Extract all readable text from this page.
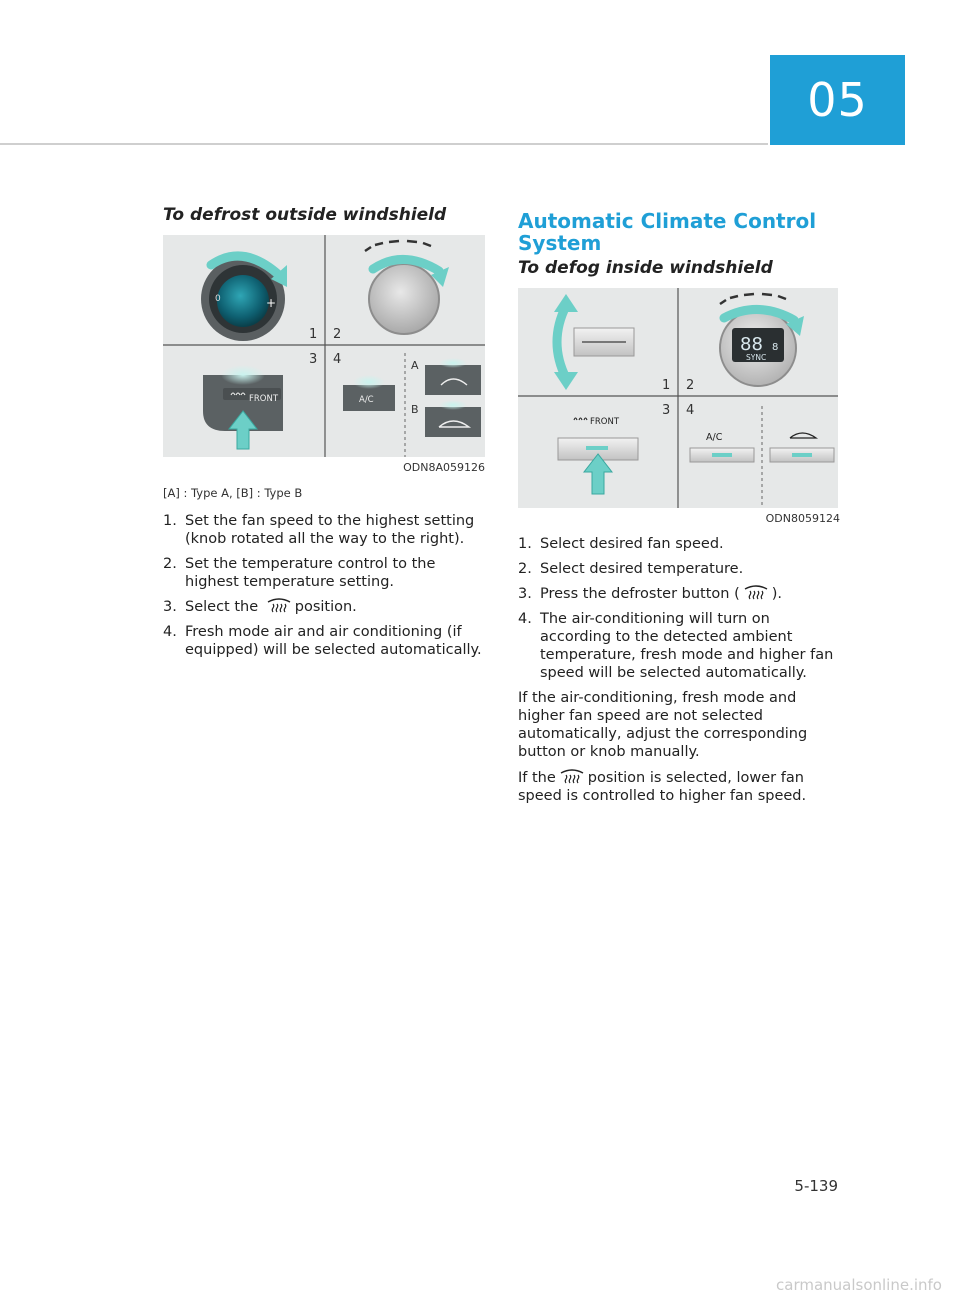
05
To defrost outside windshield
0	+
1 2
3 4
FRONT	A/C
A
B
ODN8A059126
[A] : Type A, [B] : Type B
1. Set the fan speed to the highest setting (knob rotated all the way to the right).
2. Set the temperature control to the highest temperature setting.
3. Select the	position.
4. Fresh mode air and air conditioning (if equipped) will be selected automatically.
Automatic Climate Control System
To defog inside windshield
88 8
SYNC
1 2
3 4
FRONT
A/C
ODN8059124
1. Select desired fan speed.
2. Select desired temperature.
3. Press the defroster button ( ).
4. The air-conditioning will turn on according to the detected ambient temperature, fresh mode and higher fan speed will be selected automatically.

If the air-conditioning, fresh mode and higher fan speed are not selected automatically, adjust the corresponding button or knob manually.

If the position is selected, lower fan speed is controlled to higher fan speed.

5-139
carmanualsonline.info
